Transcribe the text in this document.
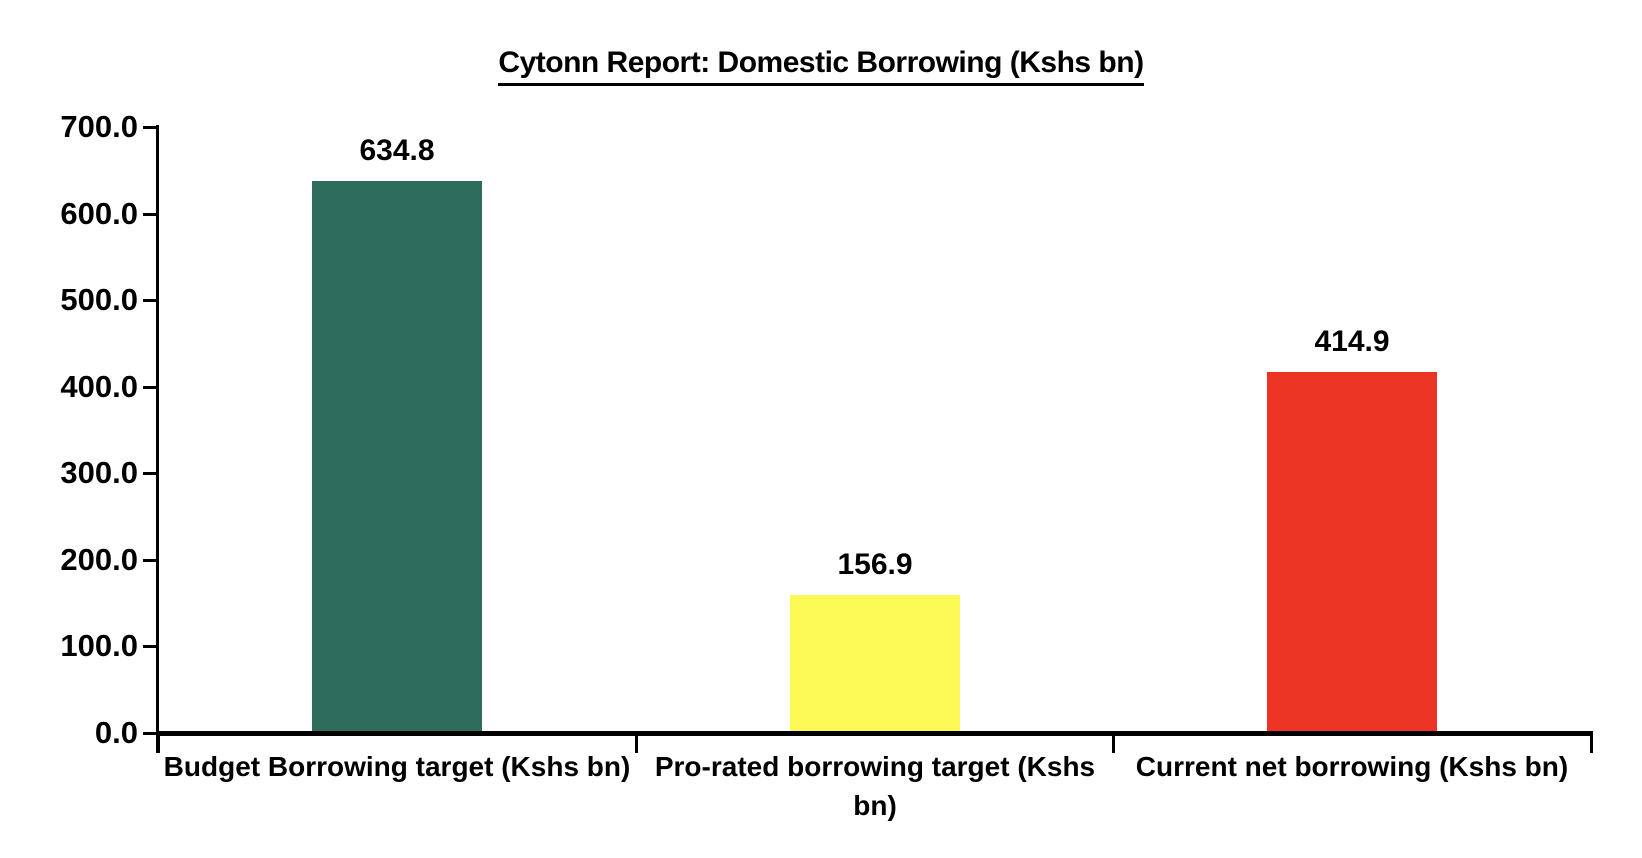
Cytonn Report: Domestic Borrowing (Kshs bn)
0.0
100.0
200.0
300.0
400.0
500.0
600.0
700.0
634.8
Budget Borrowing target (Kshs bn)
156.9
Pro-rated borrowing target (Kshs bn)
414.9
Current net borrowing (Kshs bn)
